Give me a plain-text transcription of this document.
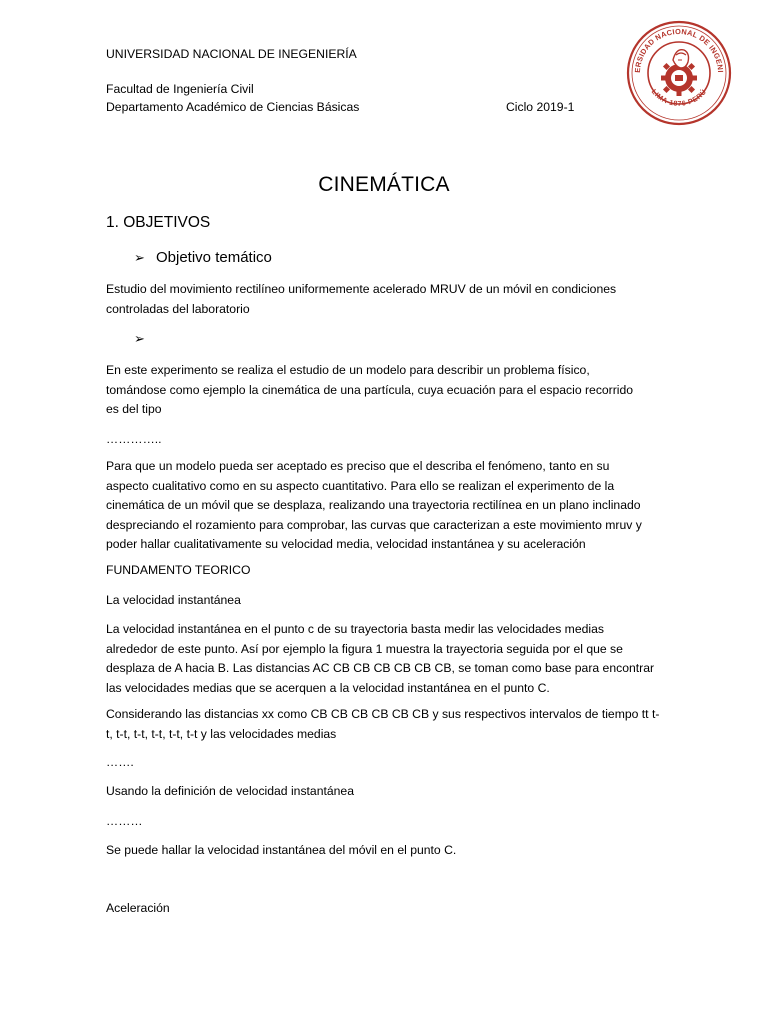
UNIVERSIDAD NACIONAL DE INEGENIERÍA
Facultad de Ingeniería Civil
Departamento Académico de Ciencias Básicas	Ciclo 2019-1
ERSIDAD NACIONAL DE INGENI
LIMA 1876 PERÚ
CINEMÁTICA
1. OBJETIVOS
➢ Objetivo temático

Estudio del movimiento rectilíneo uniformemente acelerado MRUV de un móvil en condiciones

controladas del laboratorio

➢

En este experimento se realiza el estudio de un modelo para describir un problema físico,

tomándose como ejemplo la cinemática de una partícula, cuya ecuación para el espacio recorrido

es del tipo

…………..

Para que un modelo pueda ser aceptado es preciso que el describa el fenómeno, tanto en su

aspecto cualitativo como en su aspecto cuantitativo. Para ello se realizan el experimento de la

cinemática de un móvil que se desplaza, realizando una trayectoria rectilínea en un plano inclinado

despreciando el rozamiento para comprobar, las curvas que caracterizan a este movimiento mruv y

poder hallar cualitativamente su velocidad media, velocidad instantánea y su aceleración

FUNDAMENTO TEORICO
La velocidad instantánea

La velocidad instantánea en el punto c de su trayectoria basta medir las velocidades medias

alrededor de este punto. Así por ejemplo la figura 1 muestra la trayectoria seguida por el que se

desplaza de A hacia B. Las distancias AC CB CB CB CB CB CB, se toman como base para encontrar

las velocidades medias que se acerquen a la velocidad instantánea en el punto C.

Considerando las distancias xx como CB CB CB CB CB CB y sus respectivos intervalos de tiempo tt t-

t, t-t, t-t, t-t, t-t, t-t y las velocidades medias

…….
Usando la definición de velocidad instantánea
………
Se puede hallar la velocidad instantánea del móvil en el punto C.
Aceleración
